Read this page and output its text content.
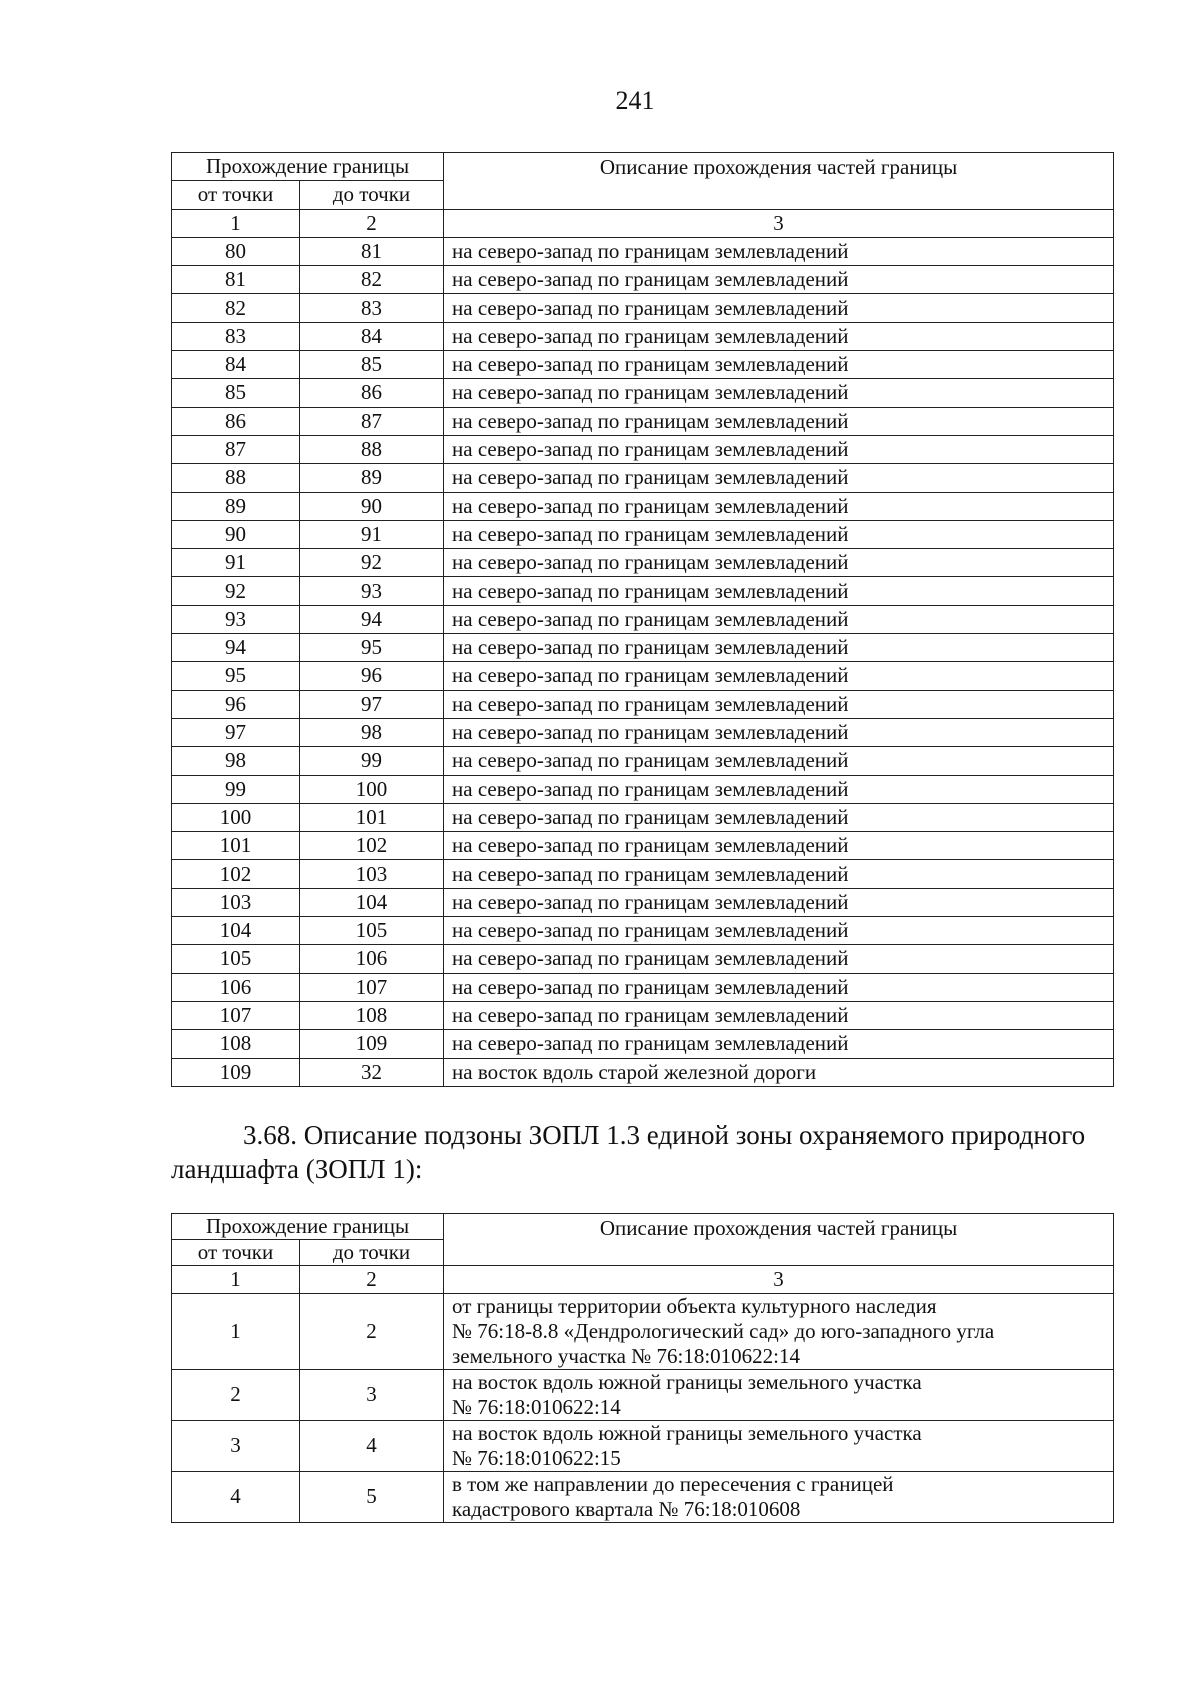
241
Прохождение границы		Описание прохождения частей границы
от точки	до точки	
1	2	3
80	81	на северо-запад по границам землевладений
81	82	на северо-запад по границам землевладений
82	83	на северо-запад по границам землевладений
83	84	на северо-запад по границам землевладений
84	85	на северо-запад по границам землевладений
85	86	на северо-запад по границам землевладений
86	87	на северо-запад по границам землевладений
87	88	на северо-запад по границам землевладений
88	89	на северо-запад по границам землевладений
89	90	на северо-запад по границам землевладений
90	91	на северо-запад по границам землевладений
91	92	на северо-запад по границам землевладений
92	93	на северо-запад по границам землевладений
93	94	на северо-запад по границам землевладений
94	95	на северо-запад по границам землевладений
95	96	на северо-запад по границам землевладений
96	97	на северо-запад по границам землевладений
97	98	на северо-запад по границам землевладений
98	99	на северо-запад по границам землевладений
99	100	на северо-запад по границам землевладений
100	101	на северо-запад по границам землевладений
101	102	на северо-запад по границам землевладений
102	103	на северо-запад по границам землевладений
103	104	на северо-запад по границам землевладений
104	105	на северо-запад по границам землевладений
105	106	на северо-запад по границам землевладений
106	107	на северо-запад по границам землевладений
107	108	на северо-запад по границам землевладений
108	109	на северо-запад по границам землевладений
109	32	на восток вдоль старой железной дороги
3.68. Описание подзоны ЗОПЛ 1.3 единой зоны охраняемого природного ландшафта (ЗОПЛ 1):
Прохождение границы		Описание прохождения частей границы
от точки	до точки	
1	2	3
1	2	от границы территории объекта культурного наследия
№ 76:18-8.8 «Дендрологический сад» до юго-западного угла
земельного участка № 76:18:010622:14

2	3	на восток вдоль южной границы земельного участка
№ 76:18:010622:14

3	4	на восток вдоль южной границы земельного участка
№ 76:18:010622:15

4	5	в том же направлении до пересечения с границей
кадастрового квартала № 76:18:010608
